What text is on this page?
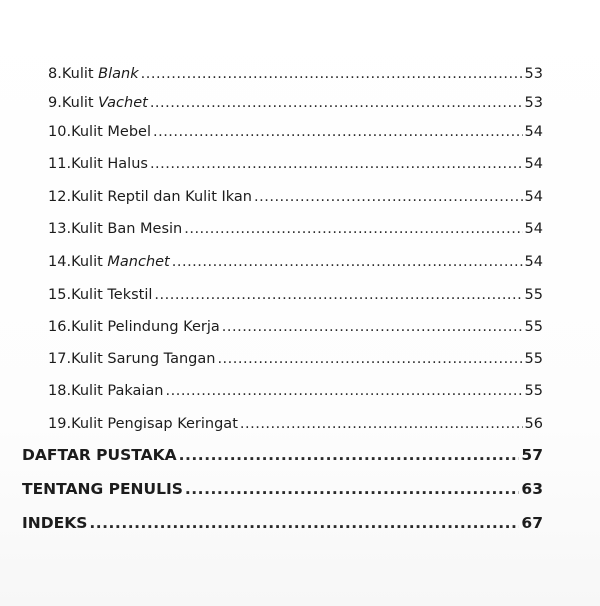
8. Kulit Blank .....	53
9. Kulit Vachet .....	53
10. Kulit Mebel .....	54
11. Kulit Halus .....	54
12. Kulit Reptil dan Kulit Ikan .....	54
13. Kulit Ban Mesin .....	54
14. Kulit Manchet .....	54
15. Kulit Tekstil .....	55
16. Kulit Pelindung Kerja .....	55
17. Kulit Sarung Tangan .....	55
18. Kulit Pakaian .....	55
19. Kulit Pengisap Keringat .....	56
DAFTAR PUSTAKA .....	57
TENTANG PENULIS .....	63
INDEKS .....	67
